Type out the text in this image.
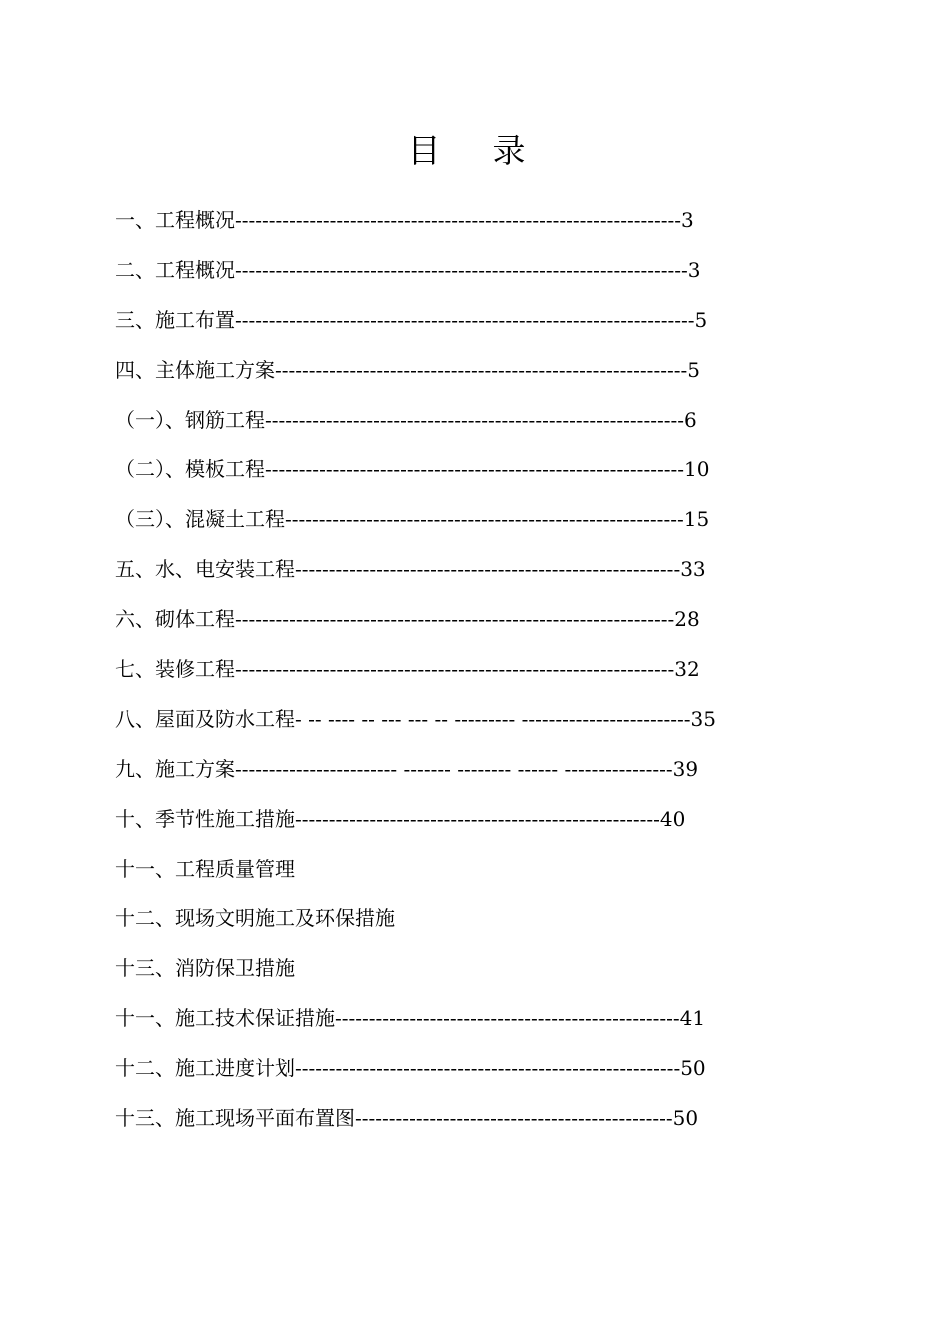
目录
一、工程概况------------------------------------------------------------------3
二、工程概况-------------------------------------------------------------------3
三、施工布置--------------------------------------------------------------------5
四、主体施工方案-------------------------------------------------------------5
（一）、钢筋工程--------------------------------------------------------------6
（二）、模板工程--------------------------------------------------------------10
（三）、混凝土工程-----------------------------------------------------------15
五、水、电安装工程---------------------------------------------------------33
六、砌体工程-----------------------------------------------------------------28
七、装修工程-----------------------------------------------------------------32
八、屋面及防水工程- -- ---- -- --- --- -- --------- -------------------------35
九、施工方案------------------------ ------- -------- ------ ----------------39
十、季节性施工措施------------------------------------------------------40
十一、工程质量管理
十二、现场文明施工及环保措施
十三、消防保卫措施
十一、施工技术保证措施---------------------------------------------------41
十二、施工进度计划---------------------------------------------------------50
十三、施工现场平面布置图-----------------------------------------------50
